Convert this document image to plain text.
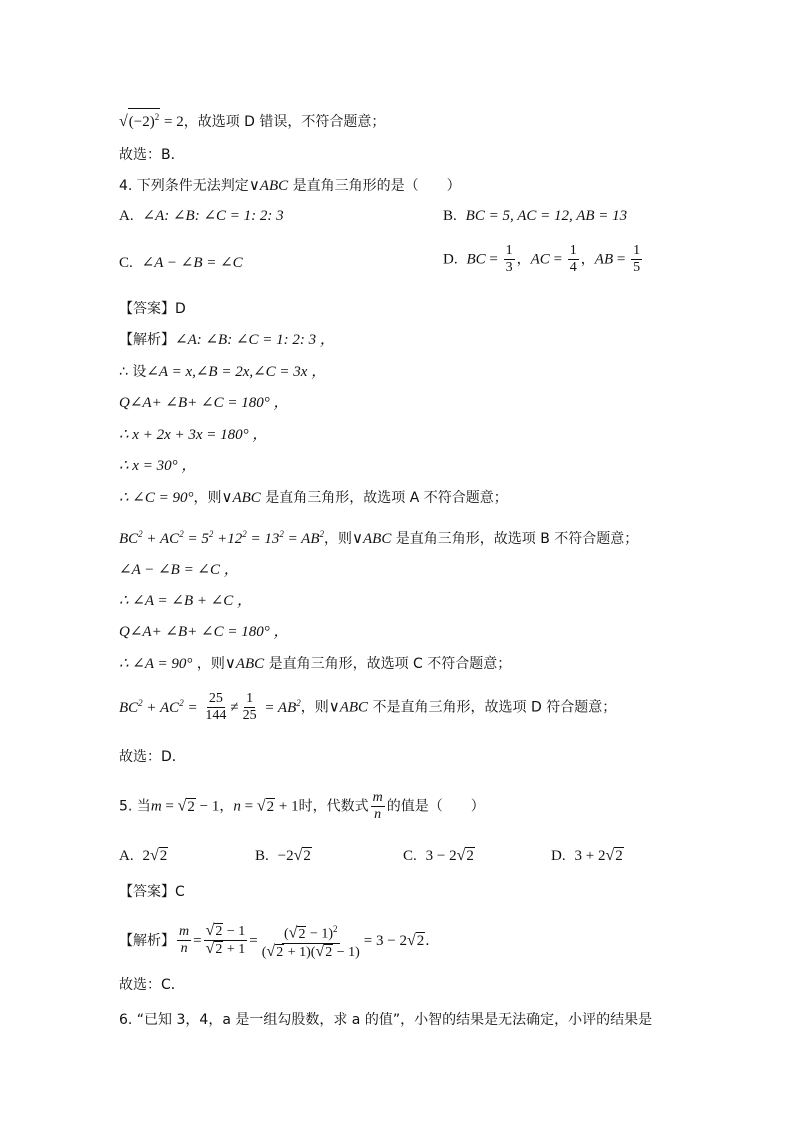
$√(-2)^2 = 2$，故选项 D 错误，不符合题意；
故选：B．
4. 下列条件无法判定∨ABC 是直角三角形的是（　　）
A. ∠A: ∠B: ∠C = 1: 2: 3	B. BC = 5, AC = 12, AB = 13
C. ∠A − ∠B = ∠C	D. BC = $\frac{1}{3}$ ，AC = $\frac{1}{4}$ ，AB = $\frac{1}{5}$
【答案】D
【解析】∠A: ∠B: ∠C = 1: 2: 3 ，
∴ 设∠A = x,∠B = 2x,∠C = 3x ，
Q∠A+ ∠B+ ∠C = 180° ，
∴ x + 2x + 3x = 180° ，
∴ x = 30° ，
∴ ∠C = 90°，则∨ABC 是直角三角形，故选项 A 不符合题意；
$BC^2 + AC^2 = 5^2 +12^2 = 13^2 = AB^2$，则∨ABC 是直角三角形，故选项 B 不符合题意；
∠A − ∠B = ∠C ，
∴ ∠A = ∠B + ∠C ，
Q∠A+ ∠B+ ∠C = 180° ，
∴ ∠A = 90° ，则∨ABC 是直角三角形，故选项 C 不符合题意；
$BC^2 + AC^2 = \frac{25}{144} \ne \frac{1}{25} = AB^2$，则∨ABC 不是直角三角形，故选项 D 符合题意；
故选：D．
5. 当m = √2 − 1，n = √2 + 1时，代数式 $\frac{m}{n}$ 的值是（　　）
A. 2√2	B. −2√2	C. 3 − 2√2	D. 3 + 2√2
【答案】C
【解析】 $\frac{m}{n} = \frac{√2 - 1}{√2 + 1} = \frac{(√2 - 1)^2}{(√2 + 1)(√2 - 1)} = 3 - 2√2$．
故选：C．
6. “已知 3，4，a 是一组勾股数，求 a 的值”，小智的结果是无法确定，小评的结果是
